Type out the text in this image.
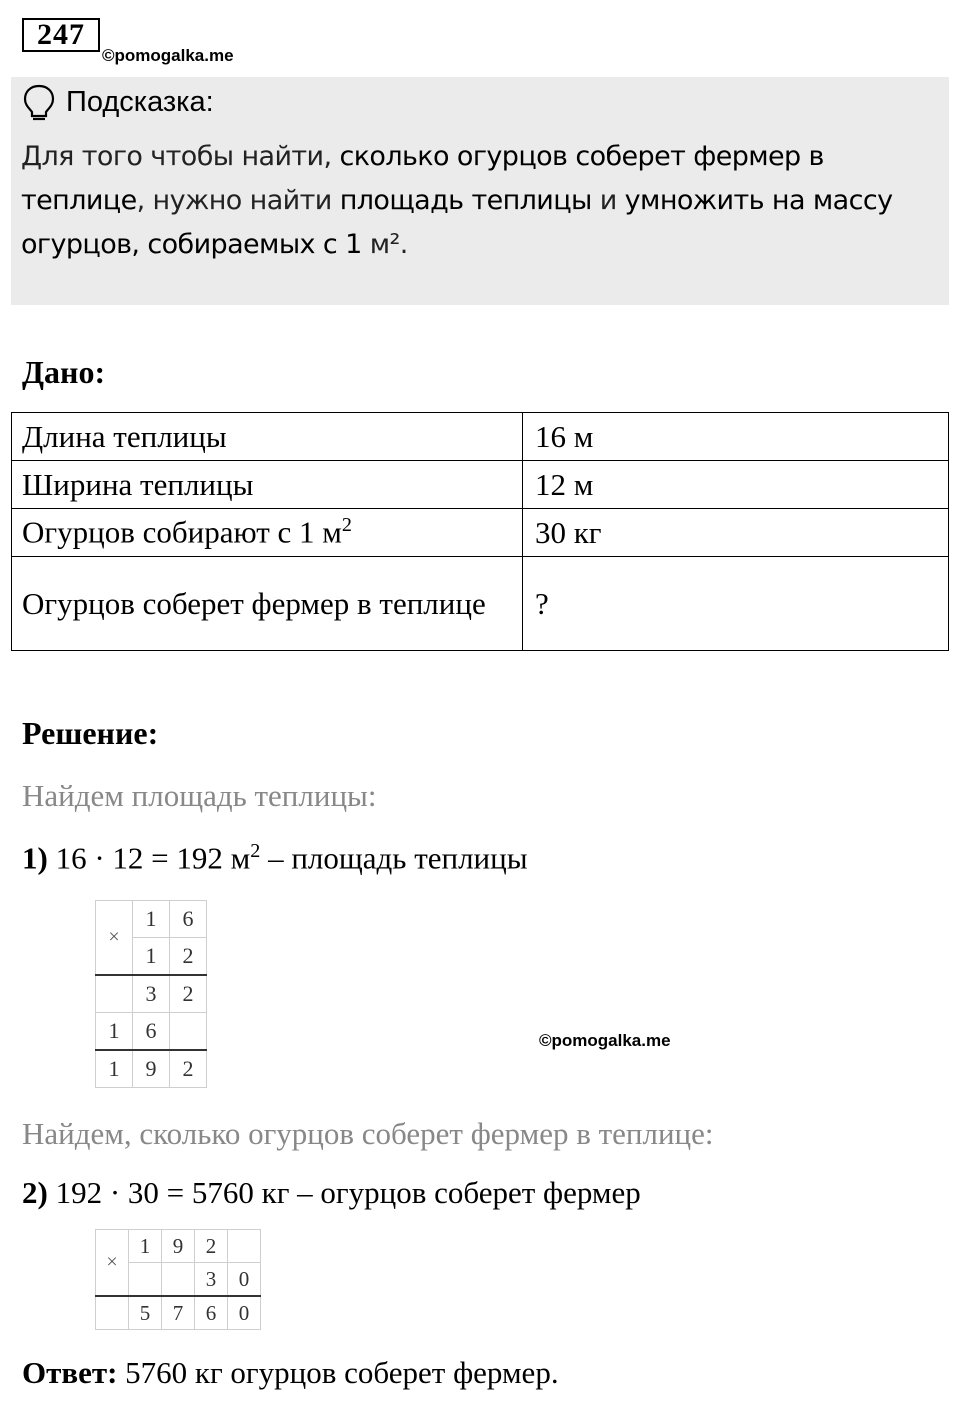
247
©pomogalka.me
Подсказка:
Для того чтобы найти, сколько огурцов соберет фермер в теплице, нужно найти площадь теплицы и умножить на массу огурцов, собираемых с 1 м².
Дано:
Длина теплицы	16 м
Ширина теплицы	12 м
Огурцов собирают с 1 $м^2$	30 кг
Огурцов соберет фермер в теплице	?
Решение:
Найдем площадь теплицы:
1) 16 · 12 = 192 $м^2$ – площадь теплицы
×	1	6
	1	2
	3	2
1	6	
1	9	2
©pomogalka.me
Найдем, сколько огурцов соберет фермер в теплице:
2) 192 · 30 = 5760 кг – огурцов соберет фермер
×	1	9	2	
			3	0
	5	7	6	0
Ответ: 5760 кг огурцов соберет фермер.
